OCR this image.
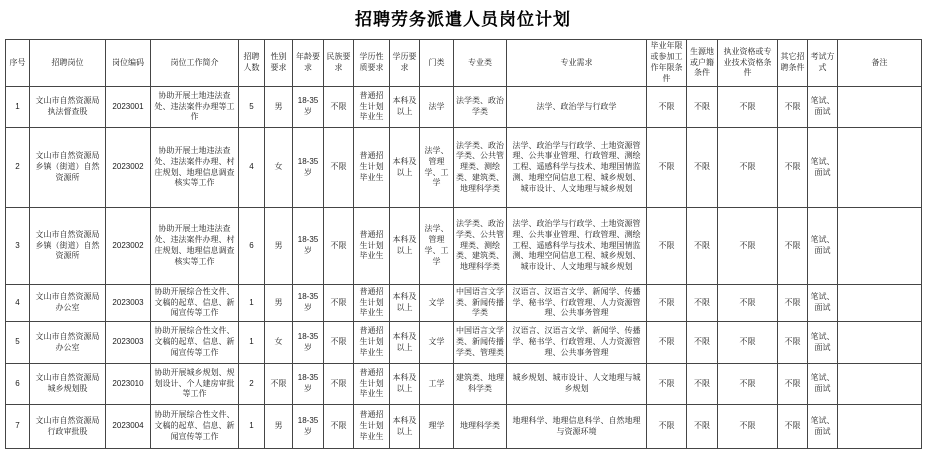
招聘劳务派遣人员岗位计划
序号	招聘岗位	岗位编码	岗位工作简介	招聘人数	性别要求	年龄要求	民族要求	学历性质要求	学历要求	门类	专业类	专业需求	毕业年限或参加工作年限条件	生源地或户籍条件	执业资格或专业技术资格条件	其它招聘条件	考试方式	备注
1	文山市自然资源局执法督查股	2023001	协助开展土地违法查处、违法案件办理等工作	5	男	18-35岁	不限	普通招生计划毕业生	本科及以上	法学	法学类、政治学类	法学、政治学与行政学	不限	不限	不限	不限	笔试、面试	
2	文山市自然资源局乡镇（街道）自然资源所	2023002	协助开展土地违法查处、违法案件办理、村庄规划、地理信息调查核实等工作	4	女	18-35岁	不限	普通招生计划毕业生	本科及以上	法学、管理学、工学	法学类、政治学类、公共管理类、测绘类、建筑类、地理科学类	法学、政治学与行政学、土地资源管理、公共事业管理、行政管理、测绘工程、遥感科学与技术、地理国情监测、地理空间信息工程、城乡规划、城市设计、人文地理与城乡规划	不限	不限	不限	不限	笔试、面试	
3	文山市自然资源局乡镇（街道）自然资源所	2023002	协助开展土地违法查处、违法案件办理、村庄规划、地理信息调查核实等工作	6	男	18-35岁	不限	普通招生计划毕业生	本科及以上	法学、管理学、工学	法学类、政治学类、公共管理类、测绘类、建筑类、地理科学类	法学、政治学与行政学、土地资源管理、公共事业管理、行政管理、测绘工程、遥感科学与技术、地理国情监测、地理空间信息工程、城乡规划、城市设计、人文地理与城乡规划	不限	不限	不限	不限	笔试、面试	
4	文山市自然资源局办公室	2023003	协助开展综合性文件、文稿的起草、信息、新闻宣传等工作	1	男	18-35岁	不限	普通招生计划毕业生	本科及以上	文学	中国语言文学类、新闻传播学类	汉语言、汉语言文学、新闻学、传播学、秘书学、行政管理、人力资源管理、公共事务管理	不限	不限	不限	不限	笔试、面试	
5	文山市自然资源局办公室	2023003	协助开展综合性文件、文稿的起草、信息、新闻宣传等工作	1	女	18-35岁	不限	普通招生计划毕业生	本科及以上	文学	中国语言文学类、新闻传播学类、管理类	汉语言、汉语言文学、新闻学、传播学、秘书学、行政管理、人力资源管理、公共事务管理	不限	不限	不限	不限	笔试、面试	
6	文山市自然资源局城乡规划股	2023010	协助开展城乡规划、规划设计、个人建房审批等工作	2	不限	18-35岁	不限	普通招生计划毕业生	本科及以上	工学	建筑类、地理科学类	城乡规划、城市设计、人文地理与城乡规划	不限	不限	不限	不限	笔试、面试	
7	文山市自然资源局行政审批股	2023004	协助开展综合性文件、文稿的起草、信息、新闻宣传等工作	1	男	18-35岁	不限	普通招生计划毕业生	本科及以上	理学	地理科学类	地理科学、地理信息科学、自然地理与资源环境	不限	不限	不限	不限	笔试、面试	
